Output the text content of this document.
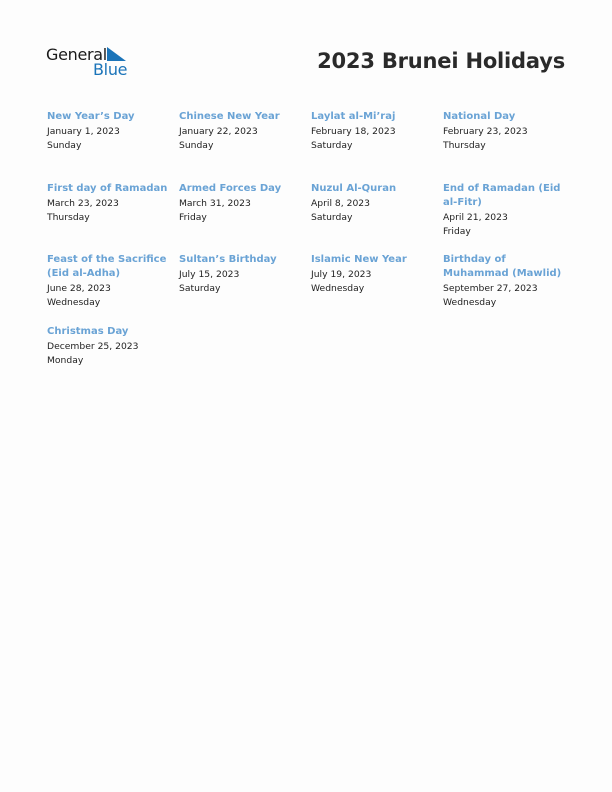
General
Blue	2023 Brunei Holidays
New Year’s Day
January 1, 2023
Sunday
Chinese New Year
January 22, 2023
Sunday
Laylat al-Mi’raj
February 18, 2023
Saturday
National Day
February 23, 2023
Thursday
First day of Ramadan
March 23, 2023
Thursday
Armed Forces Day
March 31, 2023
Friday
Nuzul Al-Quran
April 8, 2023
Saturday
End of Ramadan (Eid al-Fitr)
April 21, 2023
Friday
Feast of the Sacrifice (Eid al-Adha)
June 28, 2023
Wednesday
Sultan’s Birthday
July 15, 2023
Saturday
Islamic New Year
July 19, 2023
Wednesday
Birthday of Muhammad (Mawlid)
September 27, 2023
Wednesday
Christmas Day
December 25, 2023
Monday
